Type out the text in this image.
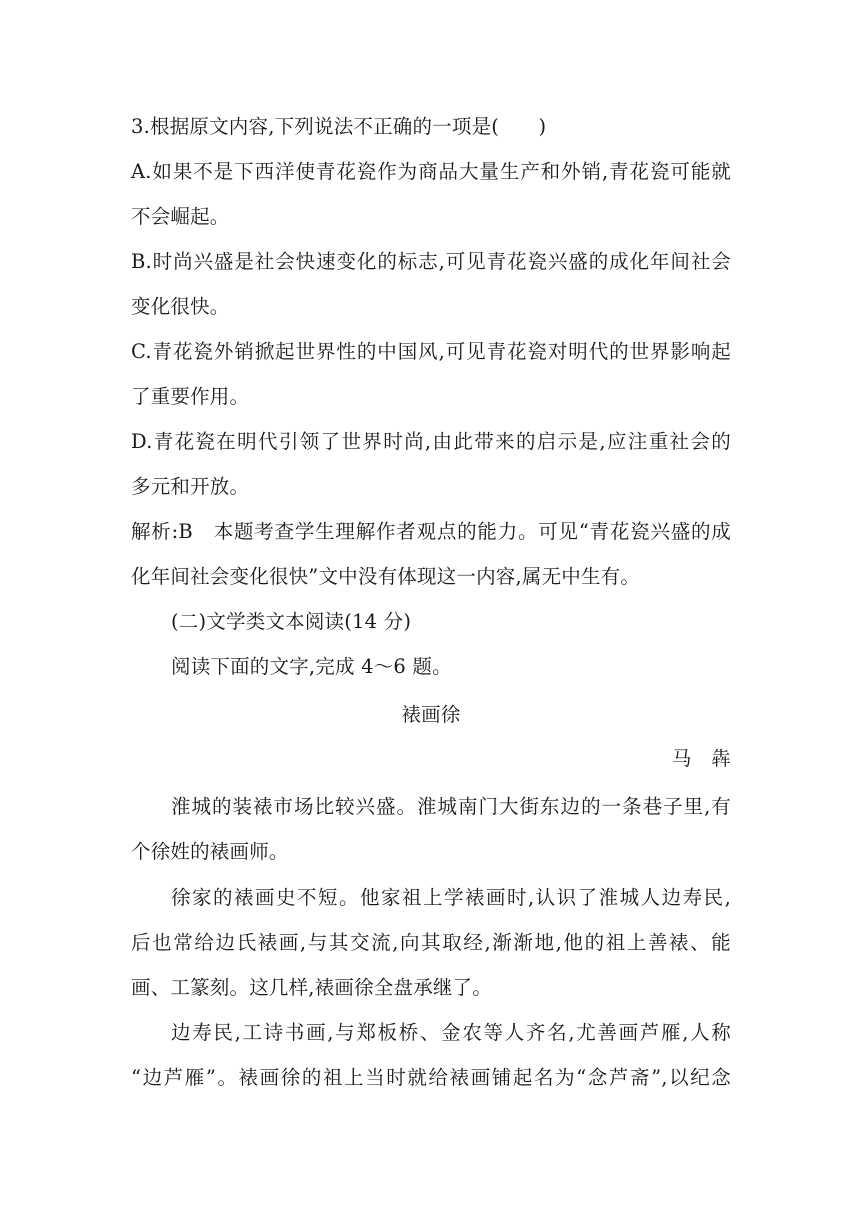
3.根据原文内容,下列说法不正确的一项是(　　)
A.如果不是下西洋使青花瓷作为商品大量生产和外销,青花瓷可能就
不会崛起。
B.时尚兴盛是社会快速变化的标志,可见青花瓷兴盛的成化年间社会
变化很快。
C.青花瓷外销掀起世界性的中国风,可见青花瓷对明代的世界影响起
了重要作用。
D.青花瓷在明代引领了世界时尚,由此带来的启示是,应注重社会的
多元和开放。
解析:B　本题考查学生理解作者观点的能力。可见“青花瓷兴盛的成
化年间社会变化很快”文中没有体现这一内容,属无中生有。
(二)文学类文本阅读(14 分)
阅读下面的文字,完成 4～6 题。
裱画徐
马　犇
淮城的装裱市场比较兴盛。淮城南门大街东边的一条巷子里,有
个徐姓的裱画师。
徐家的裱画史不短。他家祖上学裱画时,认识了淮城人边寿民,
后也常给边氏裱画,与其交流,向其取经,渐渐地,他的祖上善裱、能
画、工篆刻。这几样,裱画徐全盘承继了。
边寿民,工诗书画,与郑板桥、金农等人齐名,尤善画芦雁,人称
“边芦雁”。裱画徐的祖上当时就给裱画铺起名为“念芦斋”,以纪念
